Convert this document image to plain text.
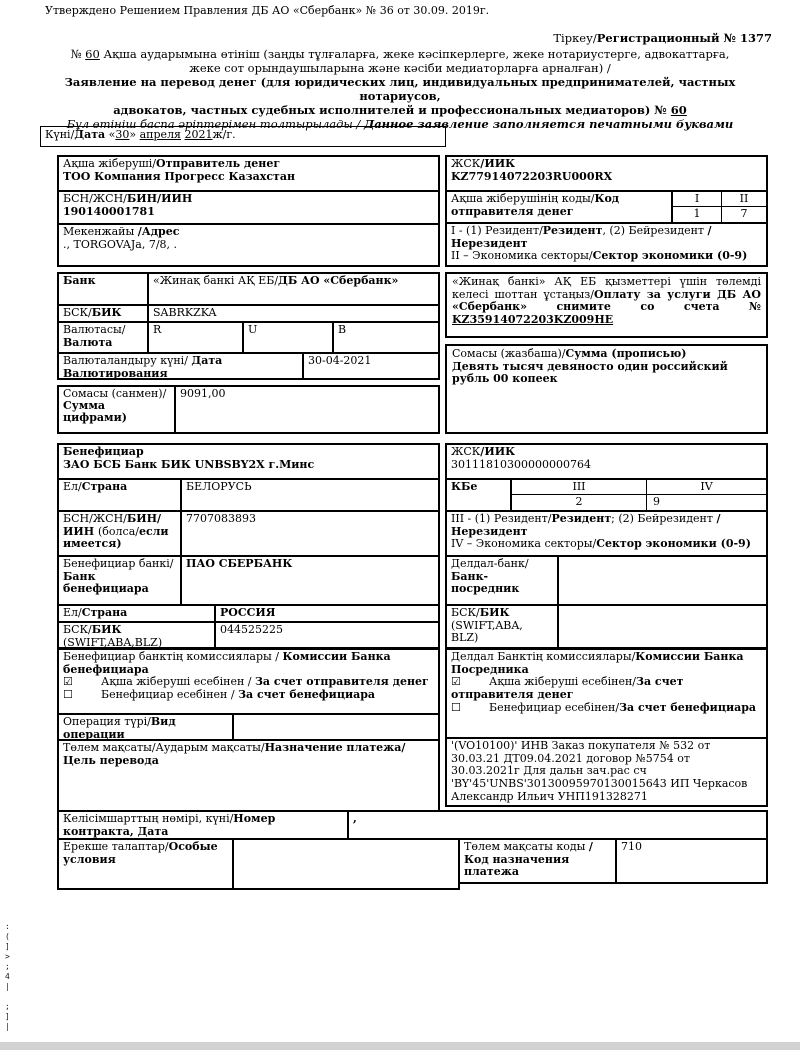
Утверждено Решением Правления ДБ АО «Сбербанк» № 36 от 30.09. 2019г.
Тіркеу/Регистрационный № 1377
№ 60 Ақша аударымына өтініш (заңды тұлғаларға, жеке кәсіпкерлерге, жеке нотариустерге, адвокаттарға,
жеке сот орындаушыларына және кәсіби медиаторларға арналған) /
Заявление на перевод денег (для юридических лиц, индивидуальных предпринимателей, частных
нотариусов,
адвокатов, частных судебных исполнителей и профессиональных медиаторов) № 60
Бұл өтініш баспа әріптерімен толтырылады / Данное заявление заполняется печатными буквами
Күні/Дата «30» апреля 2021ж/г.
Ақша жіберуші/Отправитель денег
ТОО Компания Прогресс Казахстан
БСН/ЖСН/БИН/ИИН
190140001781
Мекенжайы /Адрес
., TORGOVAJa, 7/8, .
ЖСК/ИИК
KZ77914072203RU000RX
Ақша жіберушінің коды/Код отправителя денег
I	II
1	7
I - (1) Резидент/Резидент, (2) Бейрезидент /Нерезидент
II – Экономика секторы/Сектор экономики (0-9)
Банк	«Жинақ банкі АҚ ЕБ/ДБ АО «Сбербанк»
БСК/БИК	SABRKZKA
Валютасы/
Валюта
R	U	B
Валюталандыру күні/ Дата Валютирования
30-04-2021
«Жинақ банкі» АҚ ЕБ қызметтері үшін төлемді келесі шоттан ұстаңыз/Оплату за услуги ДБ АО «Сбербанк» снимите со счета № KZ35914072203KZ009HE
Сомасы (санмен)/ Сумма цифрами)
9091,00
Сомасы (жазбаша)/Сумма (прописью)
Девять тысяч девяносто один российский рубль 00 копеек
Бенефициар
ЗАО БСБ Банк БИК UNBSBY2X г.Минс
Ел/Страна	БЕЛОРУСЬ
БСН/ЖСН/БИН/ ИИН (болса/если имеется)
7707083893
Бенефициар банкі/ Банк бенефициара
ПАО СБЕРБАНК
Ел/Страна	РОССИЯ
БСК/БИК
(SWIFT,ABA,BLZ)
044525225
ЖСК/ИИК
30111810300000000764
КБе	III	IV
2	9
III - (1) Резидент/Резидент; (2) Бейрезидент /Нерезидент
IV – Экономика секторы/Сектор экономики (0-9)
Делдал-банк/ Банк-посредник
БСК/БИК
(SWIFT,ABA, BLZ)
Бенефициар банктің комиссиялары / Комиссии Банка бенефициара
☑	Ақша жіберуші есебінен / За счет отправителя денег
☐	Бенефициар есебінен / За счет бенефициара
Операция түрі/Вид операции
Делдал Банктің комиссиялары/Комиссии Банка Посредника
☑	Ақша жіберуші есебінен/За счет отправителя денег
☐	Бенефициар есебінен/За счет бенефициара
Төлем мақсаты/Аударым мақсаты/Назначение платежа/ Цель перевода
'(VO10100)' ИНВ Заказ покупателя № 532 от 30.03.21 ДТ09.04.2021 договор №5754 от 30.03.2021г Для дальн зач.рас сч 'BY'45'UNBS'30130095970130015643 ИП Черкасов Александр Ильич УНП191328271
Келісімшарттың нөмірі, күні/Номер контракта, Дата
,
Ерекше талаптар/Особые условия
Төлем мақсаты коды / Код назначения платежа
710
:
(
]
>
;
4
|
;
]
|
